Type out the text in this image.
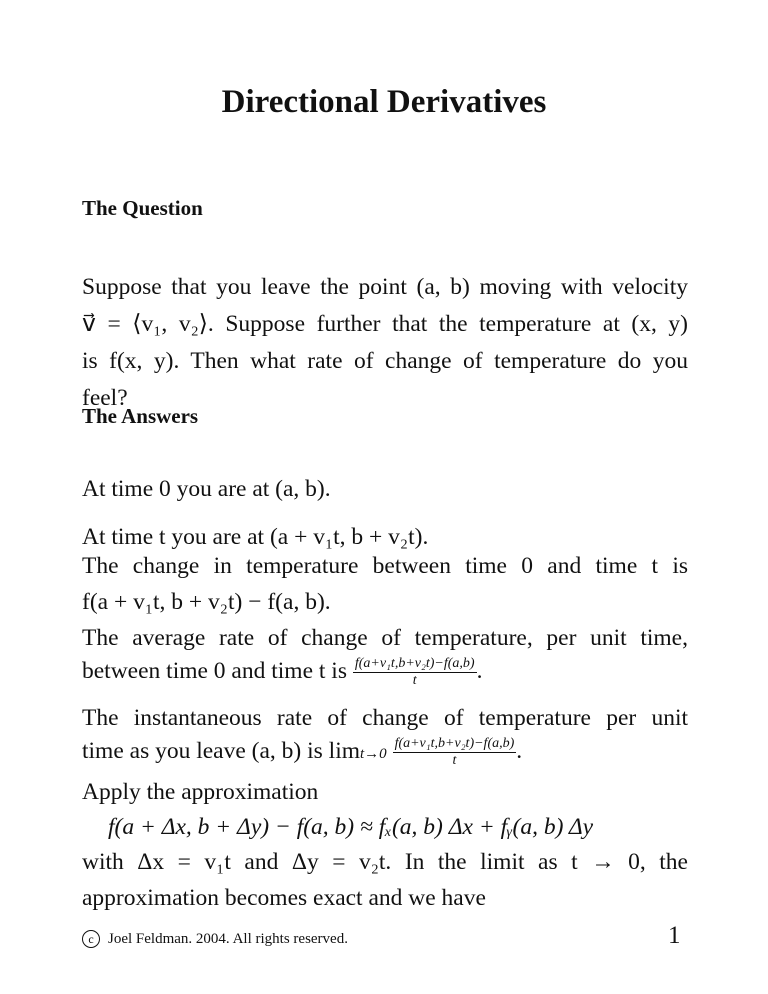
Directional Derivatives
The Question
Suppose that you leave the point (a, b) moving with velocity
v⃗ = ⟨v₁, v₂⟩. Suppose further that the temperature at (x, y)
is f(x, y). Then what rate of change of temperature do you
feel?
The Answers
At time 0 you are at (a, b).
At time t you are at (a + v₁t, b + v₂t).
The change in temperature between time 0 and time t is
f(a + v₁t, b + v₂t) − f(a, b).
The average rate of change of temperature, per unit time,
between time 0 and time t is $\frac{\text{f(a+v₁t,b+v₂t)−f(a,b)}}{t}$ .
The instantaneous rate of change of temperature per unit
time as you leave (a, b) is $\lim t\to 0 \frac{\text{f(a+v₁t,b+v₂t)−f(a,b)}}{t}$ .
Apply the approximation
f(a + Δx, b + Δy) − f(a, b) ≈ fₓ(a, b) Δx + fᵧ(a, b) Δy
with Δx = v₁t and Δy = v₂t. In the limit as t → 0, the
approximation becomes exact and we have
c Joel Feldman. 2004. All rights reserved.	1
